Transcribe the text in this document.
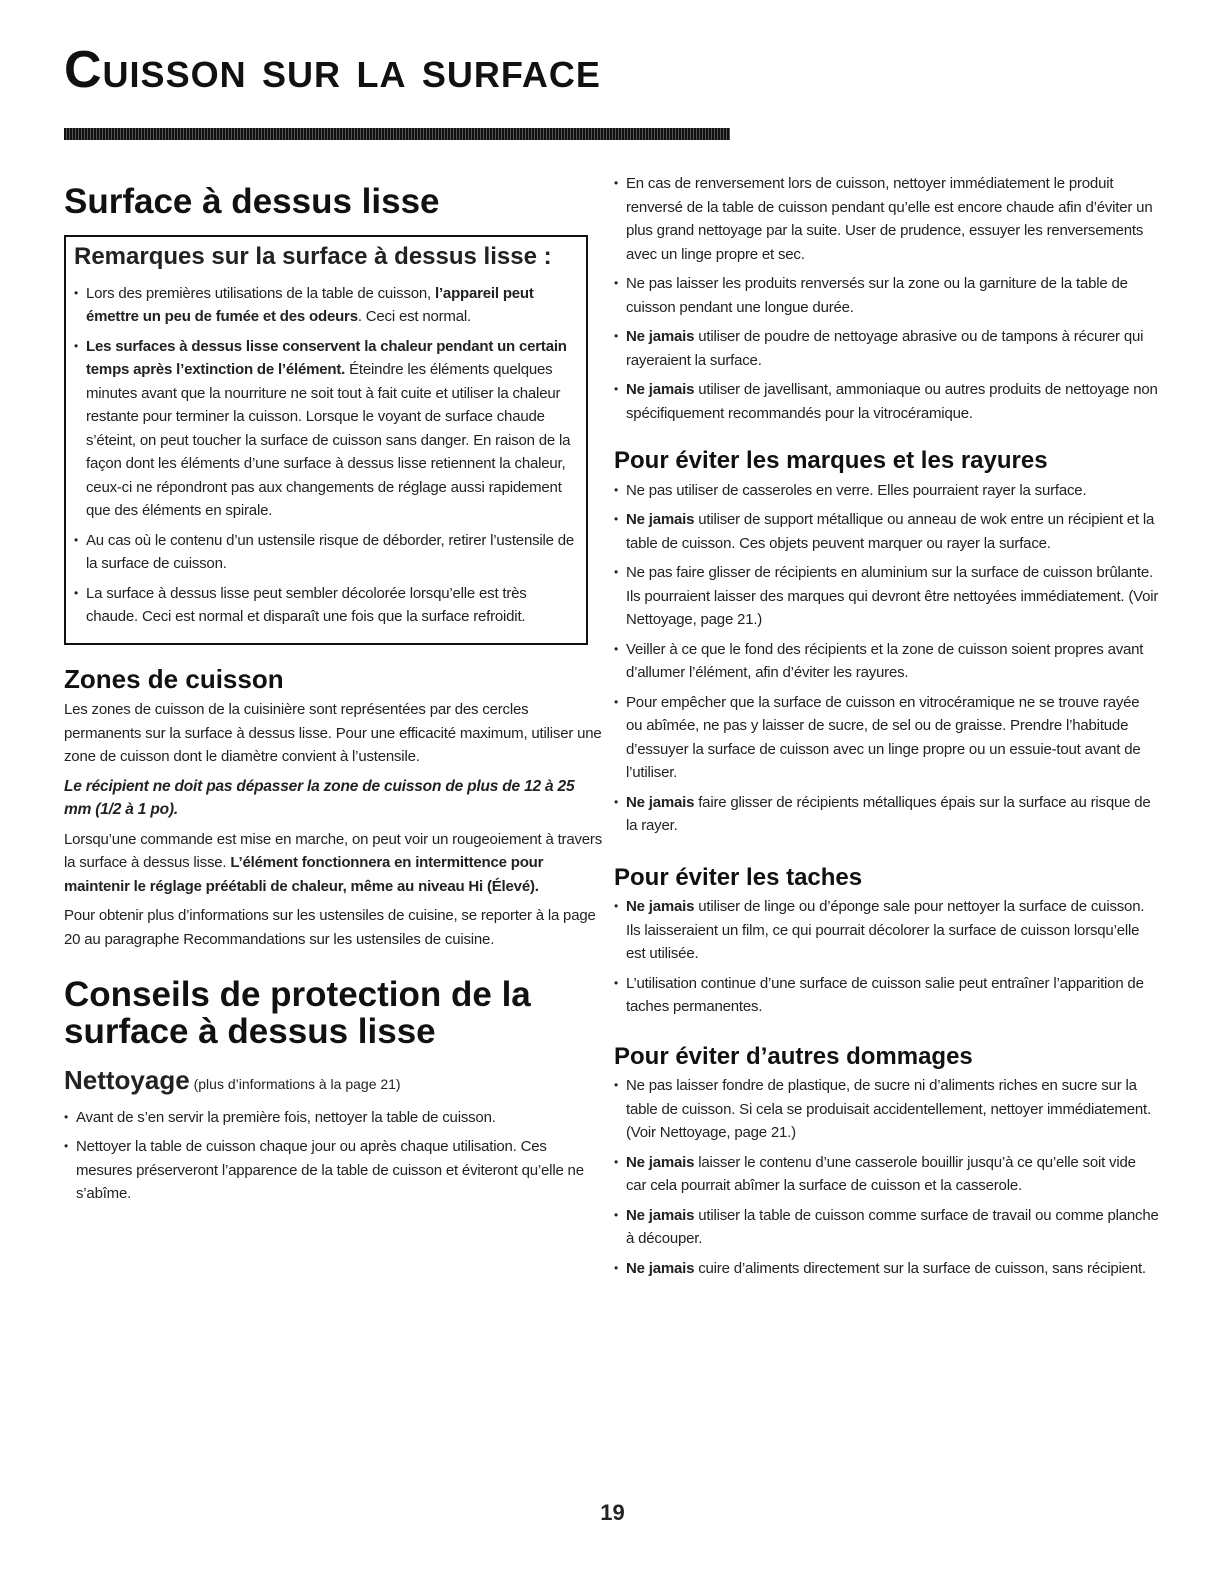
Cuisson sur la surface
Surface à dessus lisse
Remarques sur la surface à dessus lisse :
• Lors des premières utilisations de la table de cuisson, l’appareil peut émettre un peu de fumée et des odeurs. Ceci est normal.
• Les surfaces à dessus lisse conservent la chaleur pendant un certain temps après l’extinction de l’élément. Éteindre les éléments quelques minutes avant que la nourriture ne soit tout à fait cuite et utiliser la chaleur restante pour terminer la cuisson. Lorsque le voyant de surface chaude s’éteint, on peut toucher la surface de cuisson sans danger. En raison de la façon dont les éléments d’une surface à dessus lisse retiennent la chaleur, ceux-ci ne répondront pas aux changements de réglage aussi rapidement que des éléments en spirale.
• Au cas où le contenu d’un ustensile risque de déborder, retirer l’ustensile de la surface de cuisson.
• La surface à dessus lisse peut sembler décolorée lorsqu’elle est très chaude. Ceci est normal et disparaît une fois que la surface refroidit.
Zones de cuisson

Les zones de cuisson de la cuisinière sont représentées par des cercles permanents sur la surface à dessus lisse. Pour une efficacité maximum, utiliser une zone de cuisson dont le diamètre convient à l’ustensile.

Le récipient ne doit pas dépasser la zone de cuisson de plus de 12 à 25 mm (1/2 à 1 po).

Lorsqu’une commande est mise en marche, on peut voir un rougeoiement à travers la surface à dessus lisse. L’élément fonctionnera en intermittence pour maintenir le réglage préétabli de chaleur, même au niveau Hi (Élevé).

Pour obtenir plus d’informations sur les ustensiles de cuisine, se reporter à la page 20 au paragraphe Recommandations sur les ustensiles de cuisine.

Conseils de protection de la surface à dessus lisse
Nettoyage (plus d’informations à la page 21)
• Avant de s’en servir la première fois, nettoyer la table de cuisson.
• Nettoyer la table de cuisson chaque jour ou après chaque utilisation. Ces mesures préserveront l’apparence de la table de cuisson et éviteront qu’elle ne s’abîme.
• En cas de renversement lors de cuisson, nettoyer immédiatement le produit renversé de la table de cuisson pendant qu’elle est encore chaude afin d’éviter un plus grand nettoyage par la suite. User de prudence, essuyer les renversements avec un linge propre et sec.
• Ne pas laisser les produits renversés sur la zone ou la garniture de la table de cuisson pendant une longue durée.
• Ne jamais utiliser de poudre de nettoyage abrasive ou de tampons à récurer qui rayeraient la surface.
• Ne jamais utiliser de javellisant, ammoniaque ou autres produits de nettoyage non spécifiquement recommandés pour la vitrocéramique.
Pour éviter les marques et les rayures
• Ne pas utiliser de casseroles en verre. Elles pourraient rayer la surface.
• Ne jamais utiliser de support métallique ou anneau de wok entre un récipient et la table de cuisson. Ces objets peuvent marquer ou rayer la surface.
• Ne pas faire glisser de récipients en aluminium sur la surface de cuisson brûlante. Ils pourraient laisser des marques qui devront être nettoyées immédiatement. (Voir Nettoyage, page 21.)
• Veiller à ce que le fond des récipients et la zone de cuisson soient propres avant d’allumer l’élément, afin d’éviter les rayures.
• Pour empêcher que la surface de cuisson en vitrocéramique ne se trouve rayée ou abîmée, ne pas y laisser de sucre, de sel ou de graisse. Prendre l’habitude d’essuyer la surface de cuisson avec un linge propre ou un essuie-tout avant de l’utiliser.
• Ne jamais faire glisser de récipients métalliques épais sur la surface au risque de la rayer.
Pour éviter les taches
• Ne jamais utiliser de linge ou d’éponge sale pour nettoyer la surface de cuisson. Ils laisseraient un film, ce qui pourrait décolorer la surface de cuisson lorsqu’elle est utilisée.
• L’utilisation continue d’une surface de cuisson salie peut entraîner l’apparition de taches permanentes.
Pour éviter d’autres dommages
• Ne pas laisser fondre de plastique, de sucre ni d’aliments riches en sucre sur la table de cuisson. Si cela se produisait accidentellement, nettoyer immédiatement. (Voir Nettoyage, page 21.)
• Ne jamais laisser le contenu d’une casserole bouillir jusqu’à ce qu’elle soit vide car cela pourrait abîmer la surface de cuisson et la casserole.
• Ne jamais utiliser la table de cuisson comme surface de travail ou comme planche à découper.
• Ne jamais cuire d’aliments directement sur la surface de cuisson, sans récipient.
19
